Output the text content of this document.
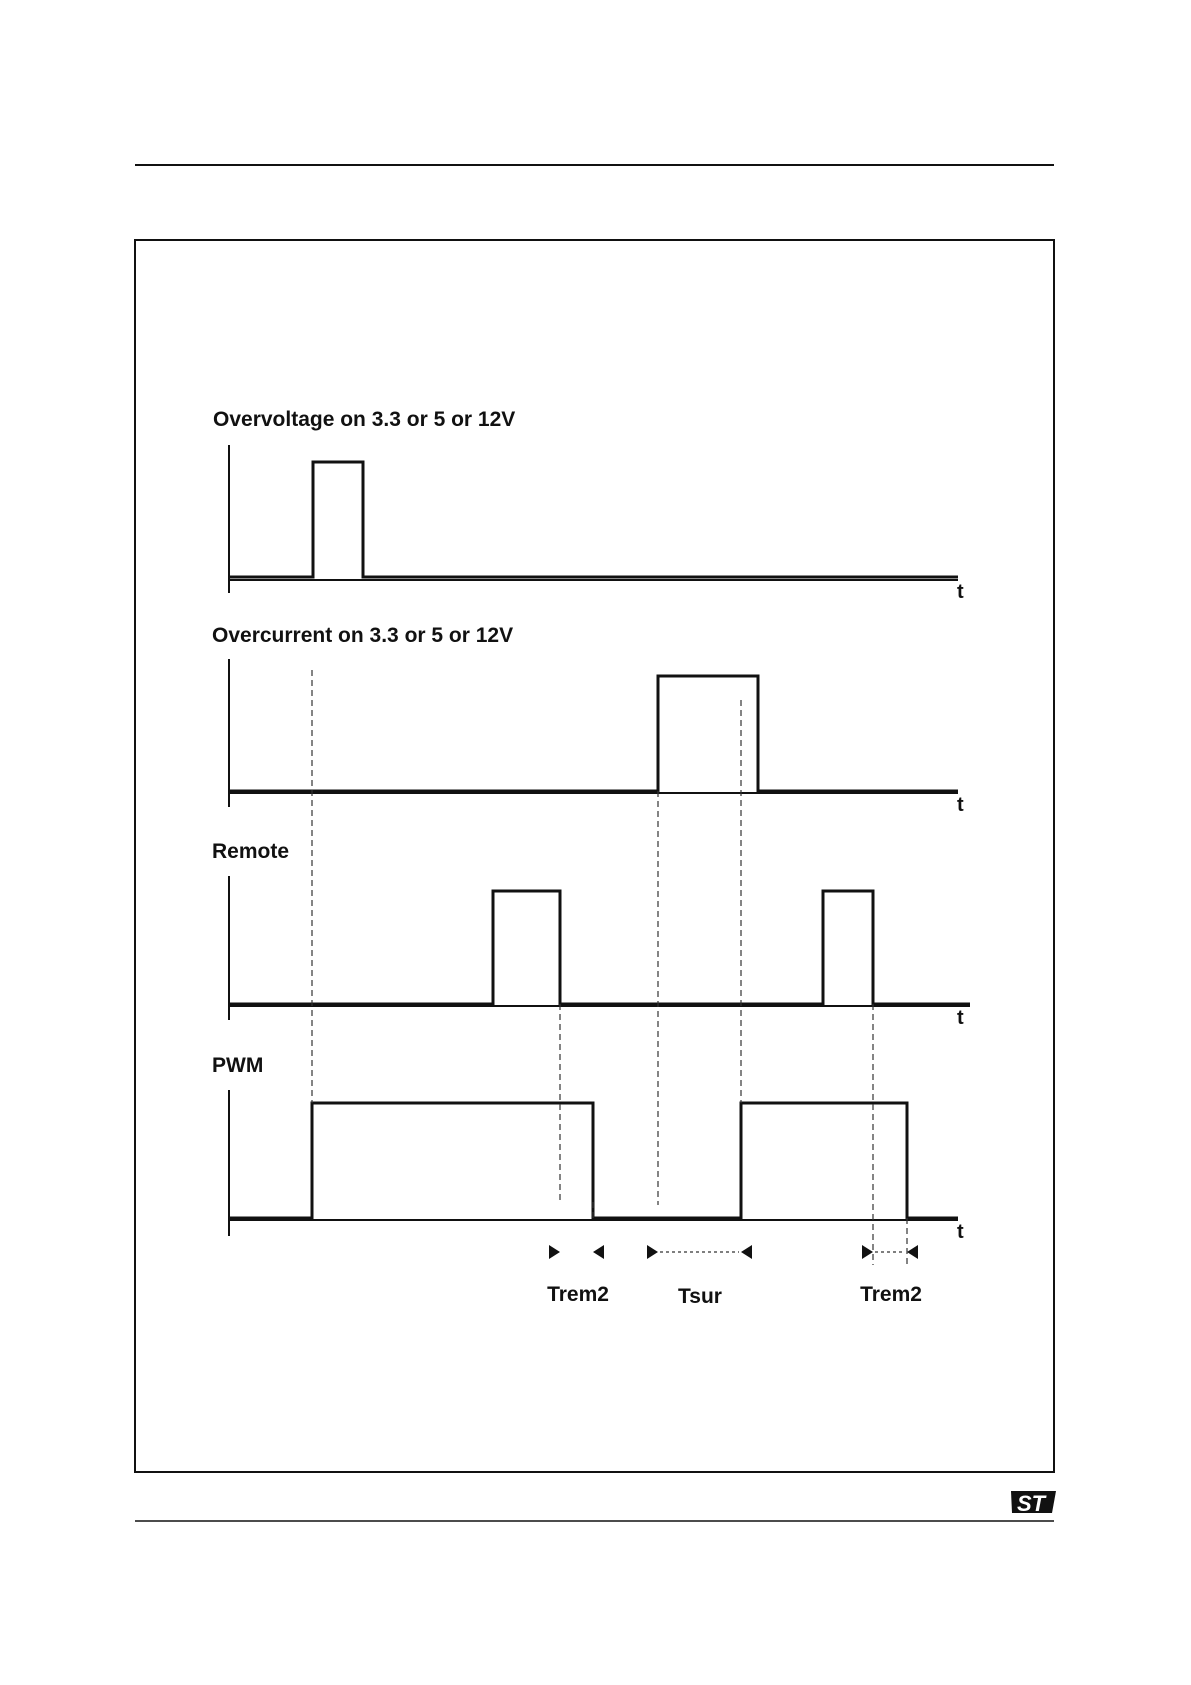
Overvoltage on 3.3 or 5 or 12V
t
Overcurrent on 3.3 or 5 or 12V
t
Remote
t
PWM
t
Trem2	Tsur	Trem2
ST
